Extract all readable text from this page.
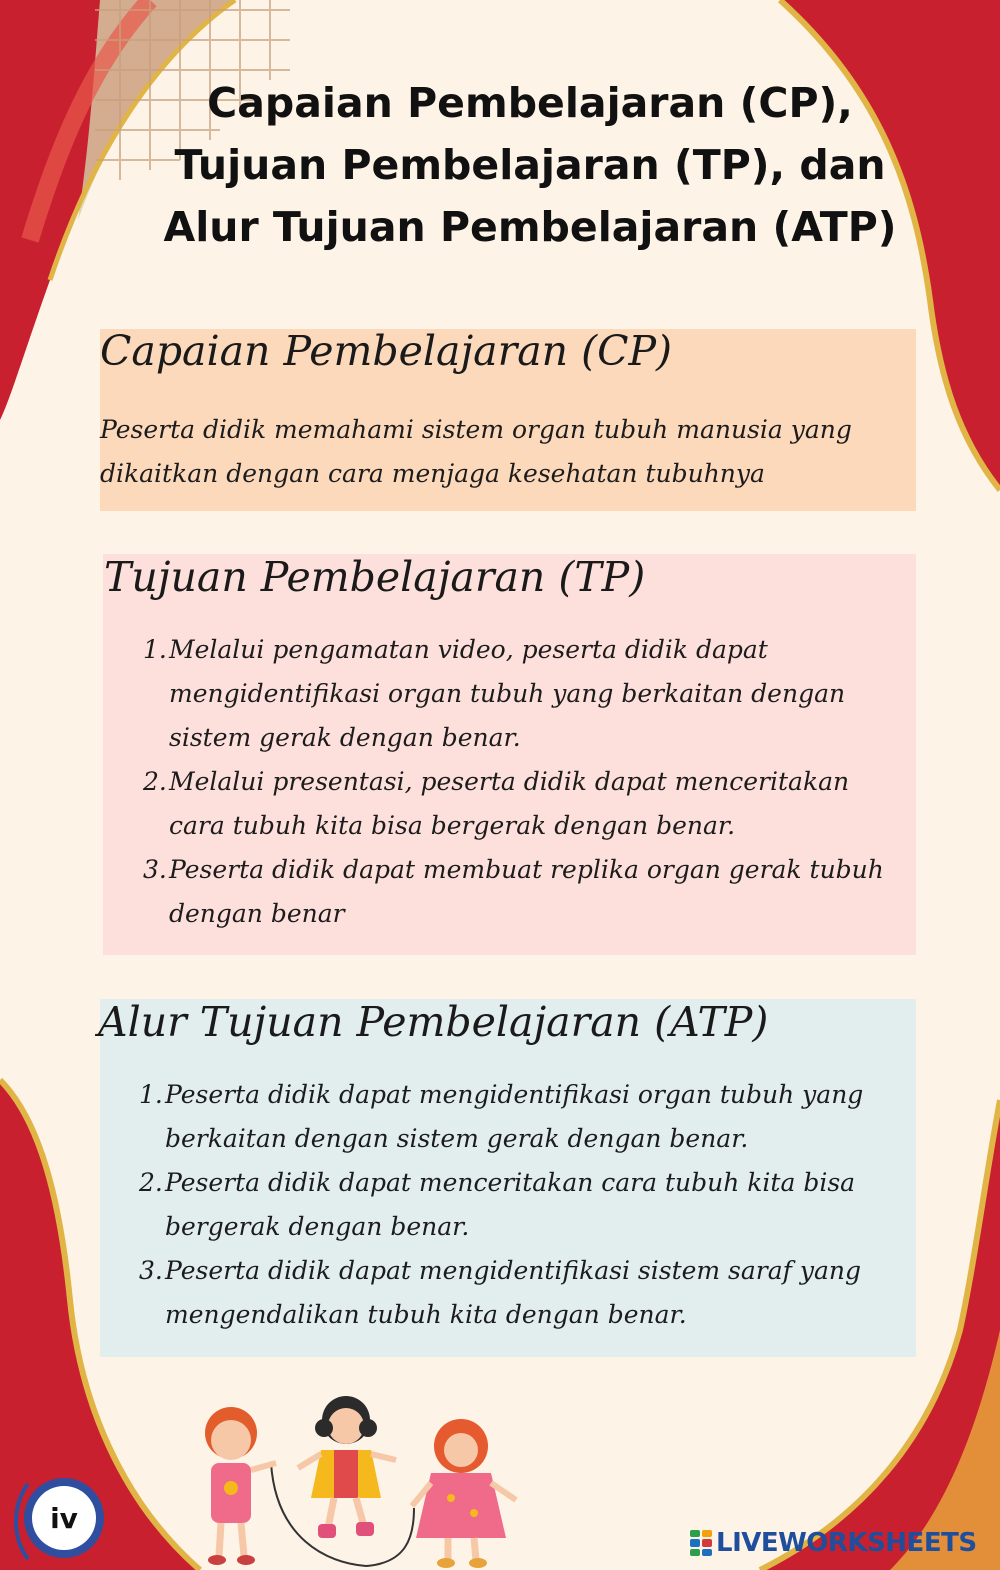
Capaian Pembelajaran (CP),
Tujuan Pembelajaran (TP), dan
Alur Tujuan Pembelajaran (ATP)
Capaian Pembelajaran (CP)

Peserta didik memahami sistem organ tubuh manusia yang dikaitkan dengan cara menjaga kesehatan tubuhnya

Tujuan Pembelajaran (TP)
1. Melalui pengamatan video, peserta didik dapat mengidentifikasi organ tubuh yang berkaitan dengan sistem gerak dengan benar.
2. Melalui presentasi, peserta didik dapat menceritakan cara tubuh kita bisa bergerak dengan benar.
3. Peserta didik dapat membuat replika organ gerak tubuh dengan benar
Alur Tujuan Pembelajaran (ATP)
1. Peserta didik dapat mengidentifikasi organ tubuh yang berkaitan dengan sistem gerak dengan benar.
2. Peserta didik dapat menceritakan cara tubuh kita bisa bergerak dengan benar.
3. Peserta didik dapat mengidentifikasi sistem saraf yang mengendalikan tubuh kita dengan benar.
iv
LIVEWORKSHEETS
